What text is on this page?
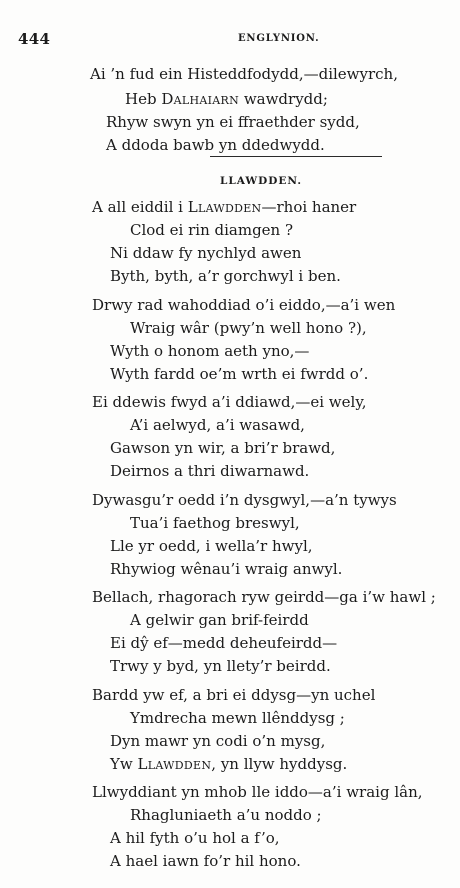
444	ENGLYNION.
Ai ’n fud ein Histeddfodydd,—dilewyrch,
Heb Dalhaiarn wawdrydd;
Rhyw swyn yn ei ffraethder sydd,
A ddoda bawb yn ddedwydd.
LLAWDDEN.
A all eiddil i Llawdden—rhoi haner
Clod ei rin diamgen ?
Ni ddaw fy nychlyd awen
Byth, byth, a’r gorchwyl i ben.
Drwy rad wahoddiad o’i eiddo,—a’i wen
Wraig wâr (pwy’n well hono ?),
Wyth o honom aeth yno,—
Wyth fardd oe’m wrth ei fwrdd o’.
Ei ddewis fwyd a’i ddiawd,—ei wely,
A’i aelwyd, a’i wasawd,
Gawson yn wir, a bri’r brawd,
Deirnos a thri diwarnawd.
Dywasgu’r oedd i’n dysgwyl,—a’n tywys
Tua’i faethog breswyl,
Lle yr oedd, i wella’r hwyl,
Rhywiog wênau’i wraig anwyl.
Bellach, rhagorach ryw geirdd—ga i’w hawl ;
A gelwir gan brif-feirdd
Ei dŷ ef—medd deheufeirdd—
Trwy y byd, yn llety’r beirdd.
Bardd yw ef, a bri ei ddysg—yn uchel
Ymdrecha mewn llênddysg ;
Dyn mawr yn codi o’n mysg,
Yw Llawdden, yn llyw hyddysg.
Llwyddiant yn mhob lle iddo—a’i wraig lân,
Rhagluniaeth a’u noddo ;
A hil fyth o’u hol a f’o,
A hael iawn fo’r hil hono.
